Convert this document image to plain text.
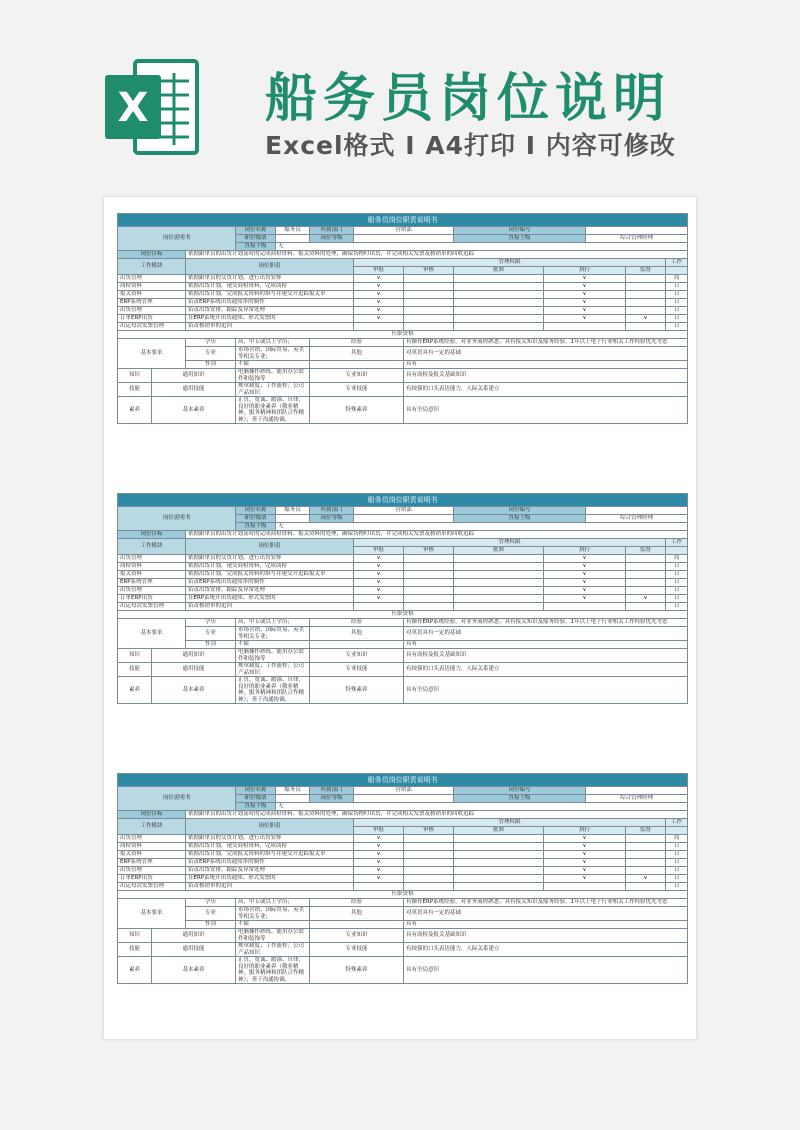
X 船务员岗位说明
Excel格式 I A4打印 I 内容可修改
船务员岗位职责说明书												
岗位说明书			岗位名称	船务员	所属部门	营销部		岗位编号				
			职位级别		岗位等级			直接上级		综合管理经理		
			直接下级	无								
岗位目标		依据跟单员的出货计划及时的完成商检资料、报关资料的处理，确保货物时出货，并完成相关发票及核销单的回收追踪										
工作模块		岗位职责				管理权限						工作
						申报	审核	批准	执行		监督	
出货管理		依据跟单员的交货计划，进行出货安排				∨			∨			周
商检资料		依据出货计划，递交商检资料，完成商检				∨			∨			日
报关资料		依据出货计划，完成报关资料的填写并递交开追踪报关单				∨			∨			日
ERP系统管理		负责ERP系统出货通知单的制作				∨			∨			日
出货管理		负责出货安排，跟踪及异常处理				∨			∨			日
订单ERP出货		在ERP系统开出货通知、形式发票的				∨			∨		∨	日
出运每次发票管理		负责核销单的追回										日
任职资格												
基本要求		学历	高，中专或以上学历；		经验		有操作ERP系统经验，对业务流程熟悉，具有报关知识及船务经验，1年以上电子行业相关工作经验优先考虑					
		专业	市场营销、国际贸易、英美等相关专业；		其他		对英语具有一定的基础					
		性别	不限				具有					
知识	通用知识		电脑操作熟练、能用办公软件和装饰等		专业知识		具有商检及报关基础知识					
技能	通用技能		规章制度；工作流程；公司产品知识		专业技能		有较强的口头表达能力，人际关系建立					
素养	基本素养		正直、宽诚、踏谨、自律；良好的职业素养（敬业精神，服务精神和团队合作精神）；善于沟通协调。		特殊素养		具有全局意识					
船务员岗位职责说明书												
岗位说明书			岗位名称	船务员	所属部门	营销部		岗位编号				
			职位级别		岗位等级			直接上级		综合管理经理		
			直接下级	无								
岗位目标		依据跟单员的出货计划及时的完成商检资料、报关资料的处理，确保货物时出货，并完成相关发票及核销单的回收追踪										
工作模块		岗位职责				管理权限						工作
						申报	审核	批准	执行		监督	
出货管理		依据跟单员的交货计划，进行出货安排				∨			∨			周
商检资料		依据出货计划，递交商检资料，完成商检				∨			∨			日
报关资料		依据出货计划，完成报关资料的填写并递交开追踪报关单				∨			∨			日
ERP系统管理		负责ERP系统出货通知单的制作				∨			∨			日
出货管理		负责出货安排，跟踪及异常处理				∨			∨			日
订单ERP出货		在ERP系统开出货通知、形式发票的				∨			∨		∨	日
出运每次发票管理		负责核销单的追回										日
任职资格												
基本要求		学历	高，中专或以上学历；		经验		有操作ERP系统经验，对业务流程熟悉，具有报关知识及船务经验，1年以上电子行业相关工作经验优先考虑					
		专业	市场营销、国际贸易、英美等相关专业；		其他		对英语具有一定的基础					
		性别	不限				具有					
知识	通用知识		电脑操作熟练、能用办公软件和装饰等		专业知识		具有商检及报关基础知识					
技能	通用技能		规章制度；工作流程；公司产品知识		专业技能		有较强的口头表达能力，人际关系建立					
素养	基本素养		正直、宽诚、踏谨、自律；良好的职业素养（敬业精神，服务精神和团队合作精神）；善于沟通协调。		特殊素养		具有全局意识					
船务员岗位职责说明书												
岗位说明书			岗位名称	船务员	所属部门	营销部		岗位编号				
			职位级别		岗位等级			直接上级		综合管理经理		
			直接下级	无								
岗位目标		依据跟单员的出货计划及时的完成商检资料、报关资料的处理，确保货物时出货，并完成相关发票及核销单的回收追踪										
工作模块		岗位职责				管理权限						工作
						申报	审核	批准	执行		监督	
出货管理		依据跟单员的交货计划，进行出货安排				∨			∨			周
商检资料		依据出货计划，递交商检资料，完成商检				∨			∨			日
报关资料		依据出货计划，完成报关资料的填写并递交开追踪报关单				∨			∨			日
ERP系统管理		负责ERP系统出货通知单的制作				∨			∨			日
出货管理		负责出货安排，跟踪及异常处理				∨			∨			日
订单ERP出货		在ERP系统开出货通知、形式发票的				∨			∨		∨	日
出运每次发票管理		负责核销单的追回										日
任职资格												
基本要求		学历	高，中专或以上学历；		经验		有操作ERP系统经验，对业务流程熟悉，具有报关知识及船务经验，1年以上电子行业相关工作经验优先考虑					
		专业	市场营销、国际贸易、英美等相关专业；		其他		对英语具有一定的基础					
		性别	不限				具有					
知识	通用知识		电脑操作熟练、能用办公软件和装饰等		专业知识		具有商检及报关基础知识					
技能	通用技能		规章制度；工作流程；公司产品知识		专业技能		有较强的口头表达能力，人际关系建立					
素养	基本素养		正直、宽诚、踏谨、自律；良好的职业素养（敬业精神，服务精神和团队合作精神）；善于沟通协调。		特殊素养		具有全局意识					
